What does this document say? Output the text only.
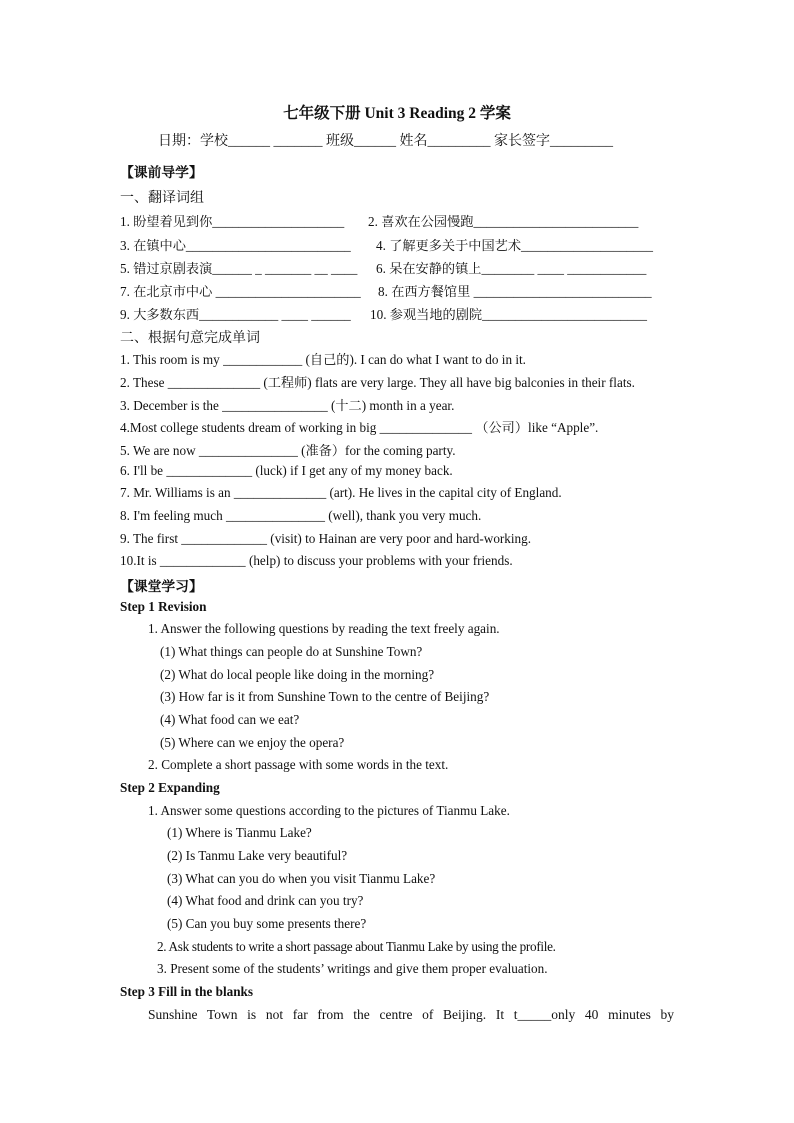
七年级下册 Unit 3 Reading 2 学案
日期：学校______ _______ 班级______ 姓名_________ 家长签字_________
【课前导学】
一、翻译词组
1. 盼望着见到你____________________ 2. 喜欢在公园慢跑_________________________
3. 在镇中心_________________________ 4. 了解更多关于中国艺术____________________
5. 错过京剧表演______ _ _______ __ ____ 6. 呆在安静的镇上________ ____ ____________
7. 在北京市中心 ______________________ 8. 在西方餐馆里 ___________________________
9. 大多数东西____________ ____ ______ 10. 参观当地的剧院_________________________
二、根据句意完成单词
1. This room is my ____________ (自己的). I can do what I want to do in it.
2. These ______________ (工程师) flats are very large. They all have big balconies in their flats.
3. December is the ________________ (十二) month in a year.
4.Most college students dream of working in big ______________ （公司）like “Apple”.
5. We are now _______________ (准备）for the coming party.
6. I'll be _____________ (luck) if I get any of my money back.
7. Mr. Williams is an ______________ (art). He lives in the capital city of England.
8. I'm feeling much _______________ (well), thank you very much.
9. The first _____________ (visit) to Hainan are very poor and hard-working.
10.It is _____________ (help) to discuss your problems with your friends.
【课堂学习】
Step 1 Revision
1. Answer the following questions by reading the text freely again.
(1) What things can people do at Sunshine Town?
(2) What do local people like doing in the morning?
(3) How far is it from Sunshine Town to the centre of Beijing?
(4) What food can we eat?
(5) Where can we enjoy the opera?
2. Complete a short passage with some words in the text.
Step 2 Expanding
1. Answer some questions according to the pictures of Tianmu Lake.
(1) Where is Tianmu Lake?
(2) Is Tanmu Lake very beautiful?
(3) What can you do when you visit Tianmu Lake?
(4) What food and drink can you try?
(5) Can you buy some presents there?
2. Ask students to write a short passage about Tianmu Lake by using the profile.
3. Present some of the students’ writings and give them proper evaluation.
Step 3 Fill in the blanks
Sunshine Town is not far from the centre of Beijing. It t_____only 40 minutes by
